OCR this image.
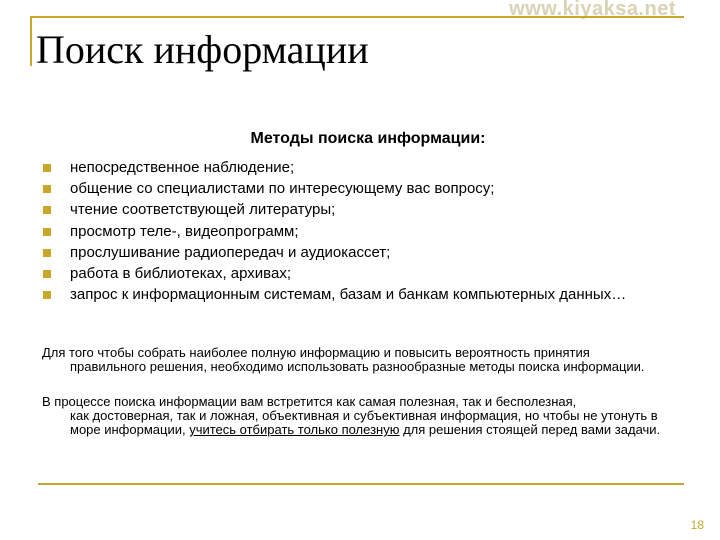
www.kiyaksa.net
Поиск информации
Методы поиска информации:
непосредственное наблюдение;
общение со специалистами по интересующему вас вопросу;
чтение соответствующей литературы;
просмотр теле-, видеопрограмм;
прослушивание радиопередач и аудиокассет;
работа в библиотеках, архивах;
запрос к информационным системам, базам и банкам компьютерных данных…

Для того чтобы собрать наиболее полную информацию и повысить вероятность принятия
правильного решения, необходимо использовать разнообразные методы поиска информации.

В процессе поиска информации вам встретится как самая полезная, так и бесполезная,
как достоверная, так и ложная, объективная и субъективная информация, но чтобы не утонуть в море информации, учитесь отбирать только полезную для решения стоящей перед вами задачи.

18
